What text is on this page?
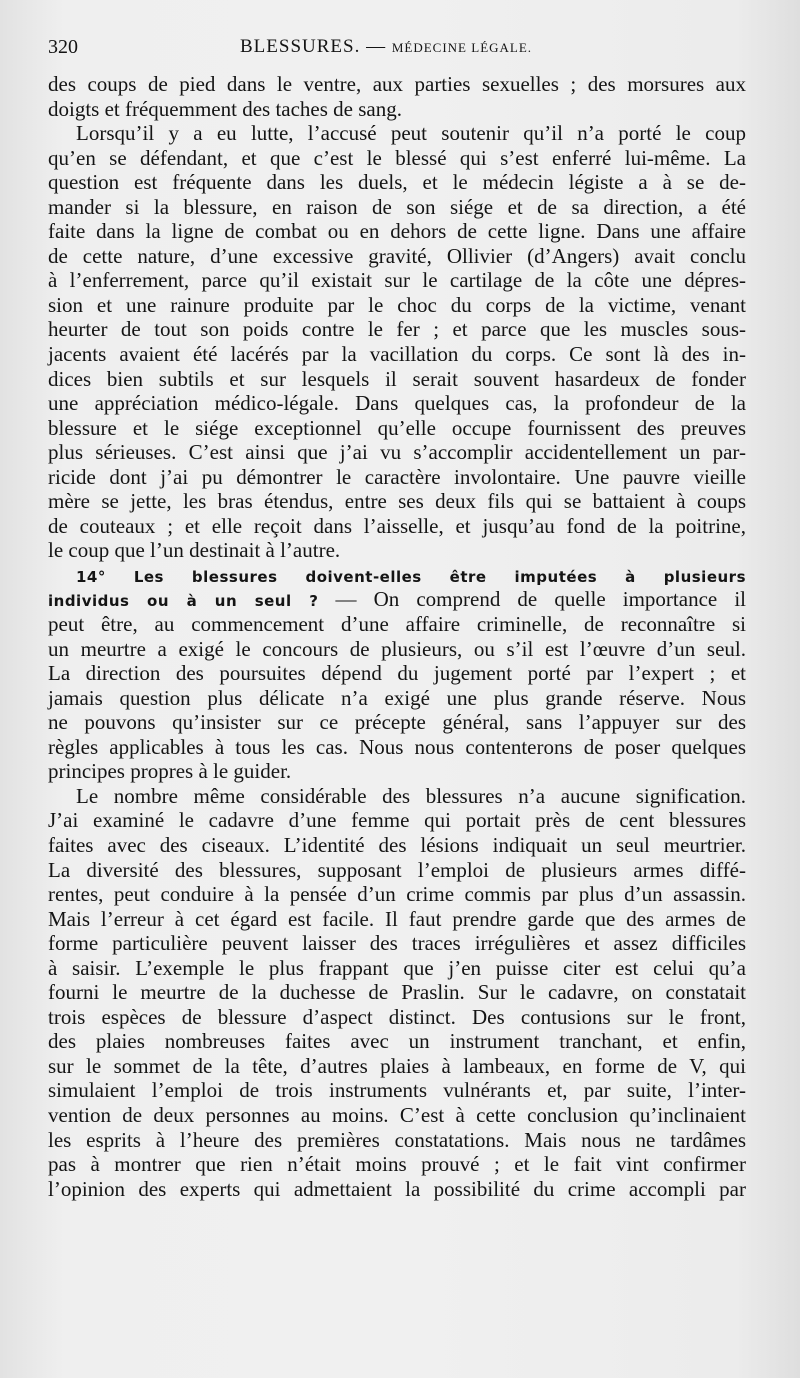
320	BLESSURES. — MÉDECINE LÉGALE.
des coups de pied dans le ventre, aux parties sexuelles ; des morsures aux
doigts et fréquemment des taches de sang.
Lorsqu’il y a eu lutte, l’accusé peut soutenir qu’il n’a porté le coup
qu’en se défendant, et que c’est le blessé qui s’est enferré lui-même. La
question est fréquente dans les duels, et le médecin légiste a à se de-
mander si la blessure, en raison de son siége et de sa direction, a été
faite dans la ligne de combat ou en dehors de cette ligne. Dans une affaire
de cette nature, d’une excessive gravité, Ollivier (d’Angers) avait conclu
à l’enferrement, parce qu’il existait sur le cartilage de la côte une dépres-
sion et une rainure produite par le choc du corps de la victime, venant
heurter de tout son poids contre le fer ; et parce que les muscles sous-
jacents avaient été lacérés par la vacillation du corps. Ce sont là des in-
dices bien subtils et sur lesquels il serait souvent hasardeux de fonder
une appréciation médico-légale. Dans quelques cas, la profondeur de la
blessure et le siége exceptionnel qu’elle occupe fournissent des preuves
plus sérieuses. C’est ainsi que j’ai vu s’accomplir accidentellement un par-
ricide dont j’ai pu démontrer le caractère involontaire. Une pauvre vieille
mère se jette, les bras étendus, entre ses deux fils qui se battaient à coups
de couteaux ; et elle reçoit dans l’aisselle, et jusqu’au fond de la poitrine,
le coup que l’un destinait à l’autre.
14° Les blessures doivent-elles être imputées à plusieurs
individus ou à un seul ? — On comprend de quelle importance il
peut être, au commencement d’une affaire criminelle, de reconnaître si
un meurtre a exigé le concours de plusieurs, ou s’il est l’œuvre d’un seul.
La direction des poursuites dépend du jugement porté par l’expert ; et
jamais question plus délicate n’a exigé une plus grande réserve. Nous
ne pouvons qu’insister sur ce précepte général, sans l’appuyer sur des
règles applicables à tous les cas. Nous nous contenterons de poser quelques
principes propres à le guider.
Le nombre même considérable des blessures n’a aucune signification.
J’ai examiné le cadavre d’une femme qui portait près de cent blessures
faites avec des ciseaux. L’identité des lésions indiquait un seul meurtrier.
La diversité des blessures, supposant l’emploi de plusieurs armes diffé-
rentes, peut conduire à la pensée d’un crime commis par plus d’un assassin.
Mais l’erreur à cet égard est facile. Il faut prendre garde que des armes de
forme particulière peuvent laisser des traces irrégulières et assez difficiles
à saisir. L’exemple le plus frappant que j’en puisse citer est celui qu’a
fourni le meurtre de la duchesse de Praslin. Sur le cadavre, on constatait
trois espèces de blessure d’aspect distinct. Des contusions sur le front,
des plaies nombreuses faites avec un instrument tranchant, et enfin,
sur le sommet de la tête, d’autres plaies à lambeaux, en forme de V, qui
simulaient l’emploi de trois instruments vulnérants et, par suite, l’inter-
vention de deux personnes au moins. C’est à cette conclusion qu’inclinaient
les esprits à l’heure des premières constatations. Mais nous ne tardâmes
pas à montrer que rien n’était moins prouvé ; et le fait vint confirmer
l’opinion des experts qui admettaient la possibilité du crime accompli par
